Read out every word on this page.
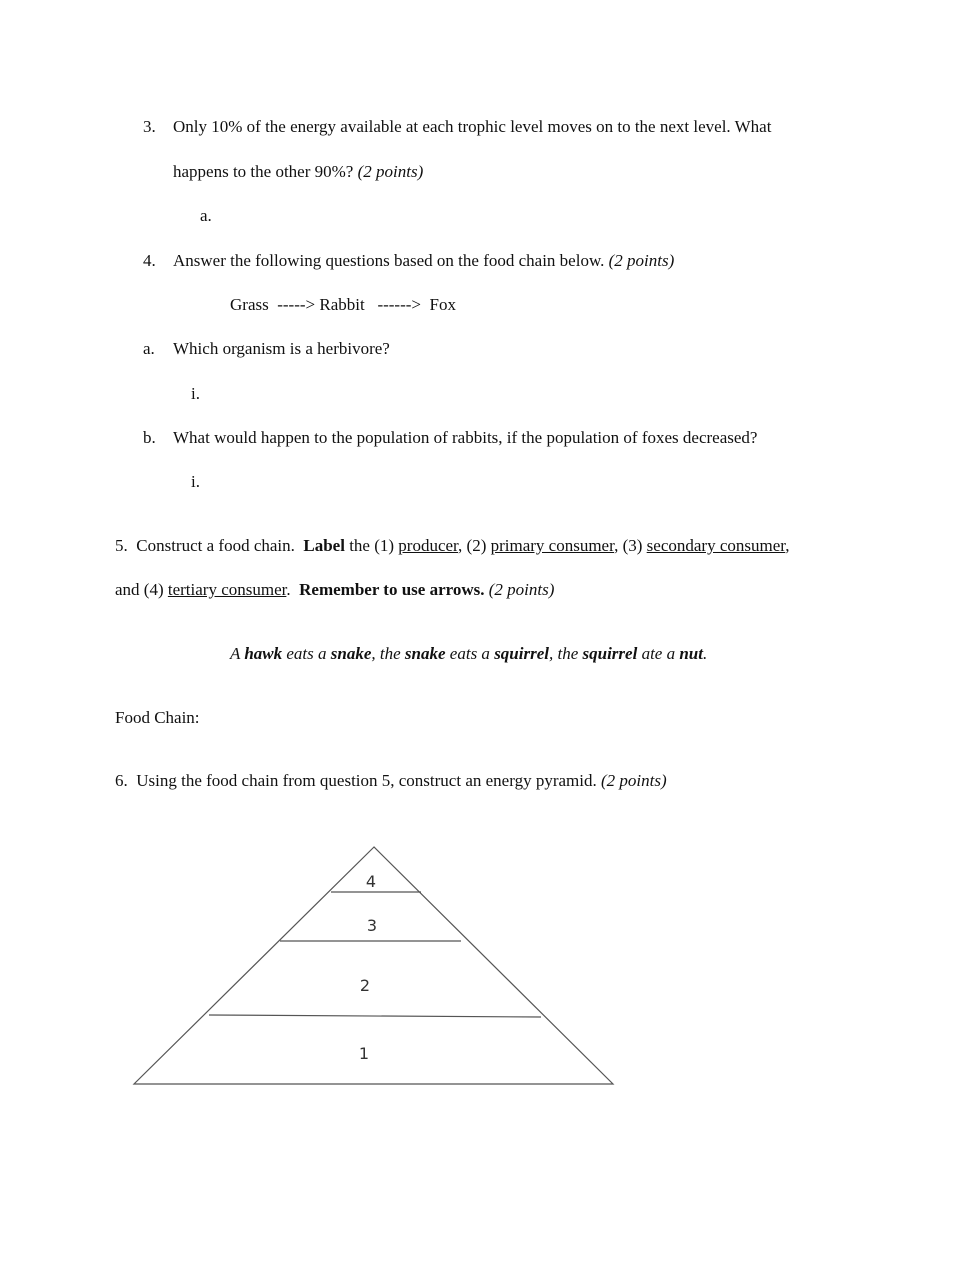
3. Only 10% of the energy available at each trophic level moves on to the next level. What
happens to the other 90%? (2 points)
a.
4. Answer the following questions based on the food chain below. (2 points)
Grass  -----> Rabbit   ------>  Fox
a. Which organism is a herbivore?
i.
b. What would happen to the population of rabbits, if the population of foxes decreased?
i.
5. Construct a food chain. Label the (1) producer, (2) primary consumer, (3) secondary consumer,
and (4) tertiary consumer. Remember to use arrows. (2 points)
A hawk eats a snake, the snake eats a squirrel, the squirrel ate a nut.
Food Chain:
6. Using the food chain from question 5, construct an energy pyramid. (2 points)
4
3
2
1
